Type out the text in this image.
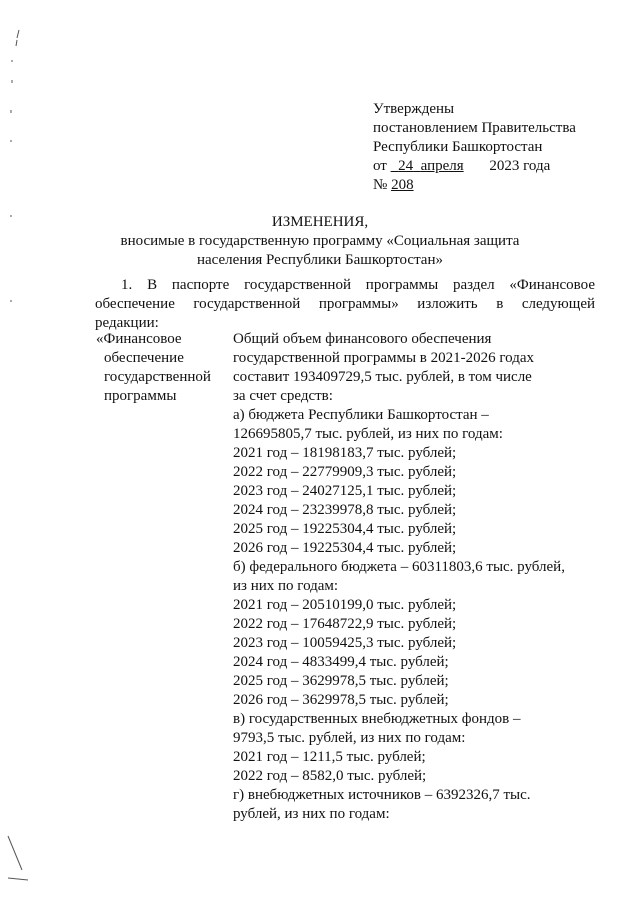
Утверждены
постановлением Правительства
Республики Башкортостан
от 24 апреля 2023 года
№ 208
ИЗМЕНЕНИЯ,
вносимые в государственную программу «Социальная защита
населения Республики Башкортостан»
1. В паспорте государственной программы раздел «Финансовое
обеспечение государственной программы» изложить в следующей
редакции:
«Финансовое
обеспечение
государственной
программы
Общий объем финансового обеспечения
государственной программы в 2021-2026 годах
составит 193409729,5 тыс. рублей, в том числе
за счет средств:
а) бюджета Республики Башкортостан –
126695805,7 тыс. рублей, из них по годам:
2021 год – 18198183,7 тыс. рублей;
2022 год – 22779909,3 тыс. рублей;
2023 год – 24027125,1 тыс. рублей;
2024 год – 23239978,8 тыс. рублей;
2025 год – 19225304,4 тыс. рублей;
2026 год – 19225304,4 тыс. рублей;
б) федерального бюджета – 60311803,6 тыс. рублей,
из них по годам:
2021 год – 20510199,0 тыс. рублей;
2022 год – 17648722,9 тыс. рублей;
2023 год – 10059425,3 тыс. рублей;
2024 год – 4833499,4 тыс. рублей;
2025 год – 3629978,5 тыс. рублей;
2026 год – 3629978,5 тыс. рублей;
в) государственных внебюджетных фондов –
9793,5 тыс. рублей, из них по годам:
2021 год – 1211,5 тыс. рублей;
2022 год – 8582,0 тыс. рублей;
г) внебюджетных источников – 6392326,7 тыс.
рублей, из них по годам:
